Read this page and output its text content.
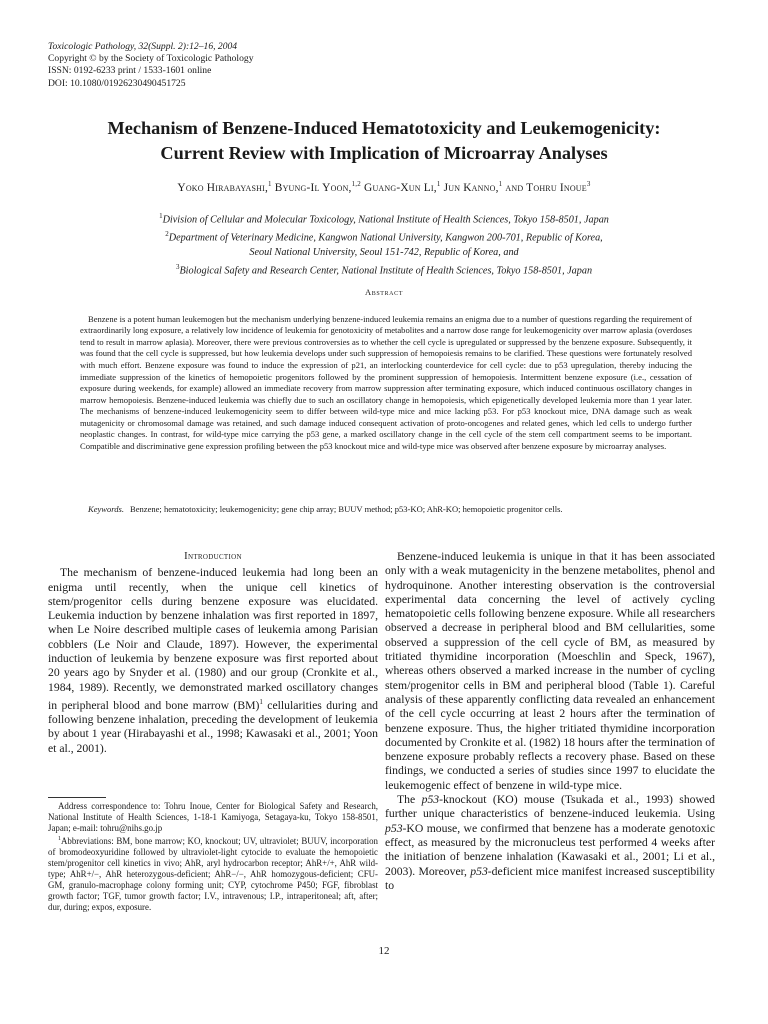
Toxicologic Pathology, 32(Suppl. 2):12–16, 2004
Copyright © by the Society of Toxicologic Pathology
ISSN: 0192-6233 print / 1533-1601 online
DOI: 10.1080/01926230490451725
Mechanism of Benzene-Induced Hematotoxicity and Leukemogenicity:
Current Review with Implication of Microarray Analyses
Yoko Hirabayashi,$^1$ Byung-Il Yoon,$^{1,2}$ Guang-Xun Li,$^1$ Jun Kanno,$^1$ and Tohru Inoue$^3$
$^1$Division of Cellular and Molecular Toxicology, National Institute of Health Sciences, Tokyo 158-8501, Japan
$^2$Department of Veterinary Medicine, Kangwon National University, Kangwon 200-701, Republic of Korea,
Seoul National University, Seoul 151-742, Republic of Korea, and
$^3$Biological Safety and Research Center, National Institute of Health Sciences, Tokyo 158-8501, Japan
Abstract

Benzene is a potent human leukemogen but the mechanism underlying benzene-induced leukemia remains an enigma due to a number of questions regarding the requirement of extraordinarily long exposure, a relatively low incidence of leukemia for genotoxicity of metabolites and a narrow dose range for leukemogenicity over marrow aplasia (overdoses tend to result in marrow aplasia). Moreover, there were previous controversies as to whether the cell cycle is upregulated or suppressed by the benzene exposure. Subsequently, it was found that the cell cycle is suppressed, but how leukemia develops under such suppression of hemopoiesis remains to be clarified. These questions were fortunately resolved with much effort. Benzene exposure was found to induce the expression of p21, an interlocking counterdevice for cell cycle: due to p53 upregulation, thereby inducing the immediate suppression of the kinetics of hemopoietic progenitors followed by the prominent suppression of hemopoiesis. Intermittent benzene exposure (i.e., cessation of exposure during weekends, for example) allowed an immediate recovery from marrow suppression after terminating exposure, which induced continuous oscillatory changes in marrow hemopoiesis. Benzene-induced leukemia was chiefly due to such an oscillatory change in hemopoiesis, which epigenetically developed leukemia more than 1 year later. The mechanisms of benzene-induced leukemogenicity seem to differ between wild-type mice and mice lacking p53. For p53 knockout mice, DNA damage such as weak mutagenicity or chromosomal damage was retained, and such damage induced consequent activation of proto-oncogenes and related genes, which led cells to undergo further neoplastic changes. In contrast, for wild-type mice carrying the p53 gene, a marked oscillatory change in the cell cycle of the stem cell compartment seems to be important. Compatible and discriminative gene expression profiling between the p53 knockout mice and wild-type mice was observed after benzene exposure by microarray analyses.

Keywords. Benzene; hematotoxicity; leukemogenicity; gene chip array; BUUV method; p53-KO; AhR-KO; hemopoietic progenitor cells.
Introduction

The mechanism of benzene-induced leukemia had long been an enigma until recently, when the unique cell kinetics of stem/progenitor cells during benzene exposure was elucidated. Leukemia induction by benzene inhalation was first reported in 1897, when Le Noire described multiple cases of leukemia among Parisian cobblers (Le Noir and Claude, 1897). However, the experimental induction of leukemia by benzene exposure was first reported about 20 years ago by Snyder et al. (1980) and our group (Cronkite et al., 1984, 1989). Recently, we demonstrated marked oscillatory changes in peripheral blood and bone marrow (BM)$^1$ cellularities during and following benzene inhalation, preceding the development of leukemia by about 1 year (Hirabayashi et al., 1998; Kawasaki et al., 2001; Yoon et al., 2001).

Address correspondence to: Tohru Inoue, Center for Biological Safety and Research, National Institute of Health Sciences, 1-18-1 Kamiyoga, Setagaya-ku, Tokyo 158-8501, Japan; e-mail: tohru@nihs.go.jp

$^1$Abbreviations: BM, bone marrow; KO, knockout; UV, ultraviolet; BUUV, incorporation of bromodeoxyuridine followed by ultraviolet-light cytocide to evaluate the hemopoietic stem/progenitor cell kinetics in vivo; AhR, aryl hydrocarbon receptor; AhR+/+, AhR wild-type; AhR+/−, AhR heterozygous-deficient; AhR−/−, AhR homozygous-deficient; CFU-GM, granulo-macrophage colony forming unit; CYP, cytochrome P450; FGF, fibroblast growth factor; TGF, tumor growth factor; I.V., intravenous; I.P., intraperitoneal; aft, after; dur, during; expos, exposure.

Benzene-induced leukemia is unique in that it has been associated only with a weak mutagenicity in the benzene metabolites, phenol and hydroquinone. Another interesting observation is the controversial experimental data concerning the level of actively cycling hematopoietic cells following benzene exposure. While all researchers observed a decrease in peripheral blood and BM cellularities, some observed a suppression of the cell cycle of BM, as measured by tritiated thymidine incorporation (Moeschlin and Speck, 1967), whereas others observed a marked increase in the number of cycling stem/progenitor cells in BM and peripheral blood (Table 1). Careful analysis of these apparently conflicting data revealed an enhancement of the cell cycle occurring at least 2 hours after the termination of benzene exposure. Thus, the higher tritiated thymidine incorporation documented by Cronkite et al. (1982) 18 hours after the termination of benzene exposure probably reflects a recovery phase. Based on these findings, we conducted a series of studies since 1997 to elucidate the leukemogenic effect of benzene in wild-type mice.

The p53-knockout (KO) mouse (Tsukada et al., 1993) showed further unique characteristics of benzene-induced leukemia. Using p53-KO mouse, we confirmed that benzene has a moderate genotoxic effect, as measured by the micronucleus test performed 4 weeks after the initiation of benzene inhalation (Kawasaki et al., 2001; Li et al., 2003). Moreover, p53-deficient mice manifest increased susceptibility to

12
